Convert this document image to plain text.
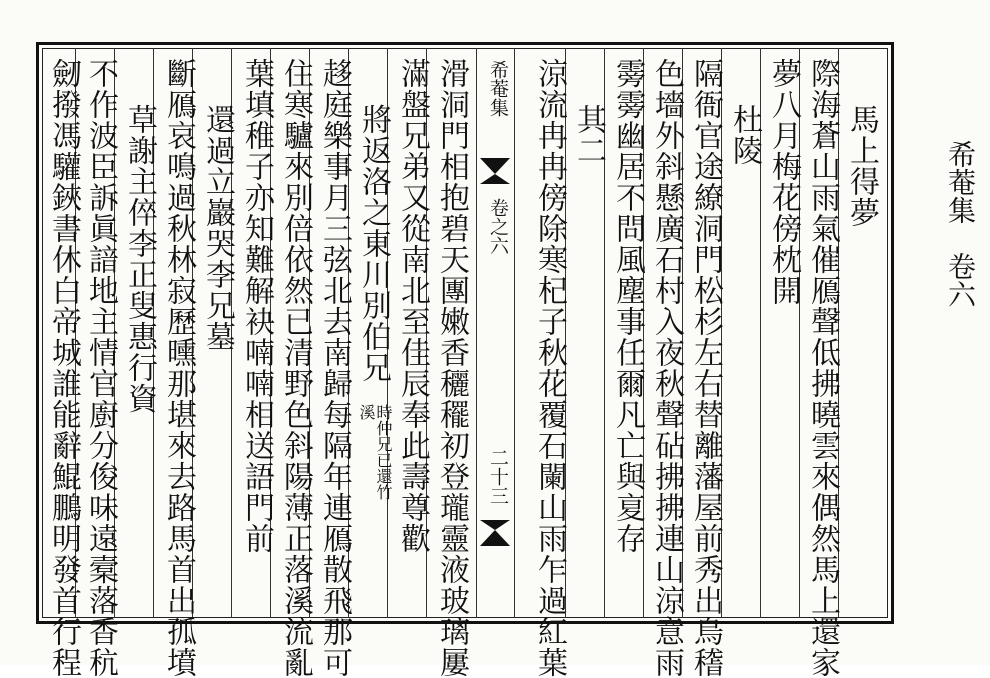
希菴集　卷六
馬上得夢
際海蒼山雨氣催鴈聲低拂曉雲來偶然馬上還家
夢八月梅花傍枕開
杜陵
隔衙官途繚洞門松杉左右替離藩屋前秀出烏𥡴
色墻外斜懸廣石村入夜秋聲砧拂拂連山涼意雨
䨦䨦幽居不問風塵事任爾凡亡與㚆存
其二
涼流冉冉傍除寒杞子秋花覆石闌山雨乍過紅葉
希菴集
卷之六
二十三
滑洞門相抱碧天團嫩香穲䆉初登瓏靈液玻璃屢
滿盤兄弟又從南北至佳辰奉此壽尊歡
將返洛之東川別伯兄
時仲兄已還竹溪
趍庭樂事月三弦北去南歸每隔年連鴈散飛那可
住寒驢來別倍依然已清野色斜陽薄正落溪流亂
葉填稚子亦知難解袂喃喃相送語門前
還過立巖哭李兄墓
斷鴈哀鳴過秋林寂歷曛那堪來去路馬首出孤墳
草謝主倅李正叟惠行資
不作波臣訴眞諳地主情官廚分俊味遠槖落香秔
劒撥馮驩鋏書休白帝城誰能辭鯤鵬明發首行程
